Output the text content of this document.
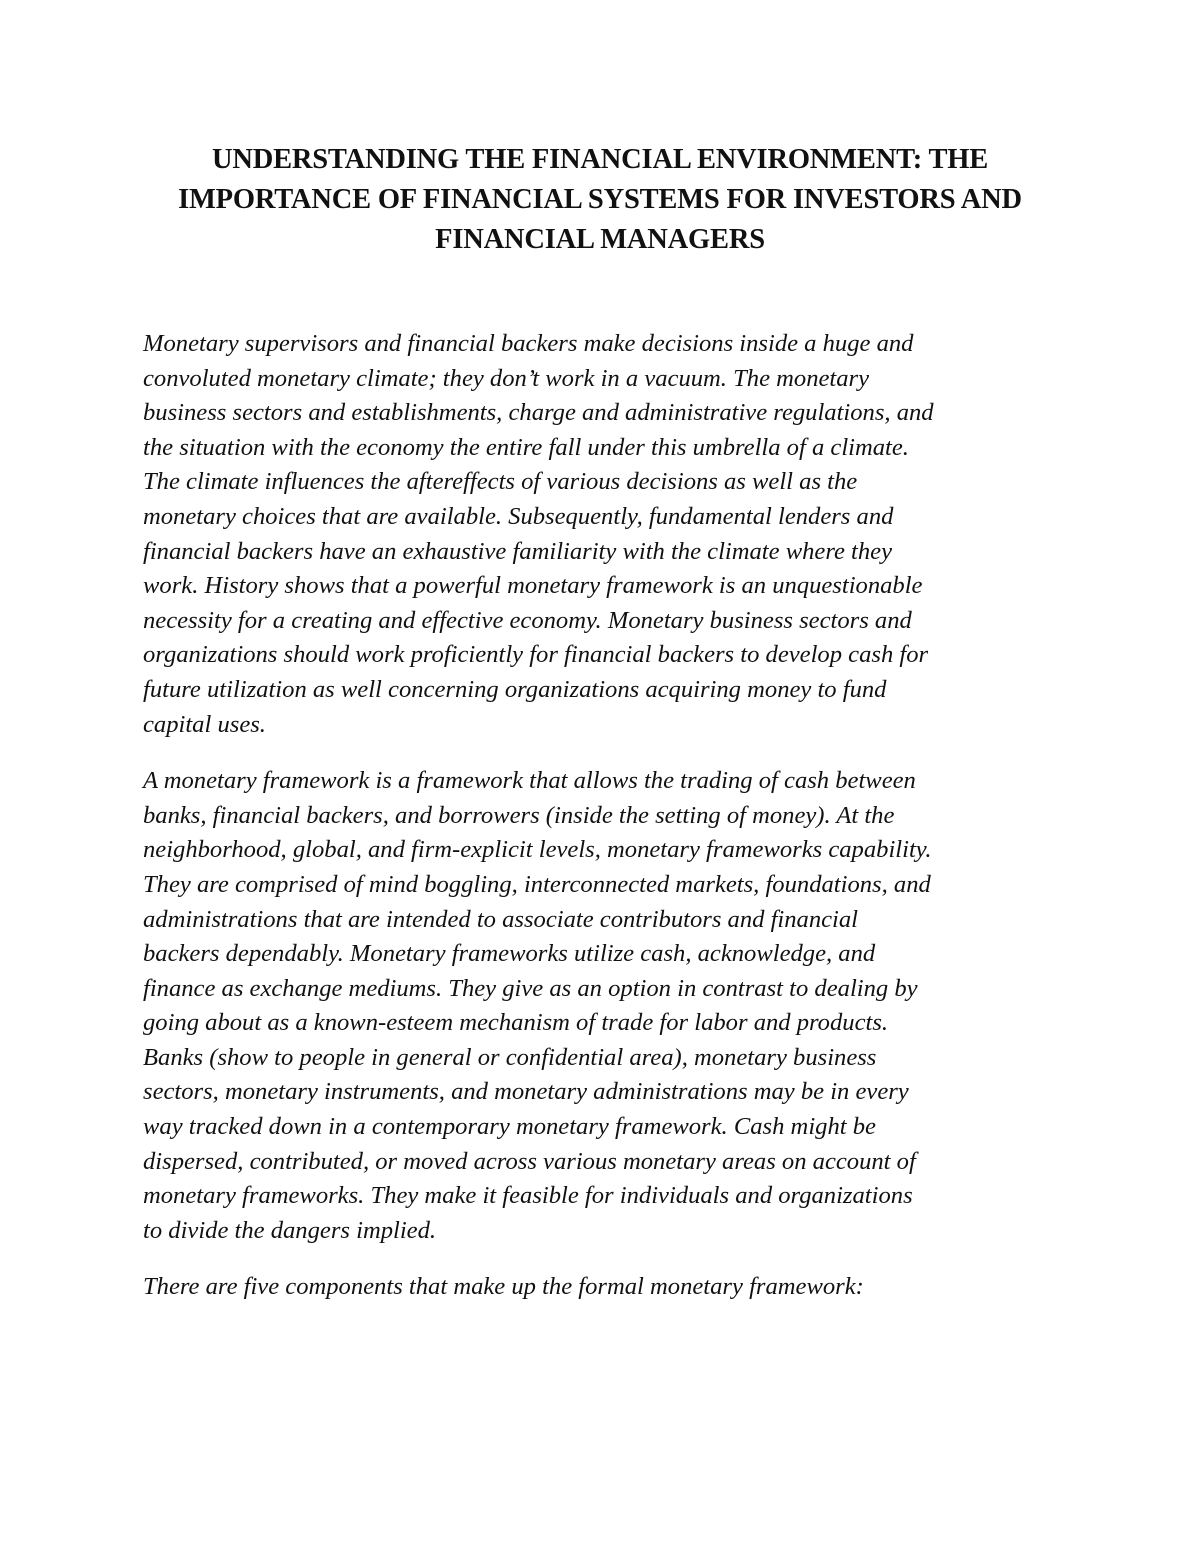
UNDERSTANDING THE FINANCIAL ENVIRONMENT: THE
IMPORTANCE OF FINANCIAL SYSTEMS FOR INVESTORS AND
FINANCIAL MANAGERS

Monetary supervisors and financial backers make decisions inside a huge and
convoluted monetary climate; they don’t work in a vacuum. The monetary
business sectors and establishments, charge and administrative regulations, and
the situation with the economy the entire fall under this umbrella of a climate.
The climate influences the aftereffects of various decisions as well as the
monetary choices that are available. Subsequently, fundamental lenders and
financial backers have an exhaustive familiarity with the climate where they
work. History shows that a powerful monetary framework is an unquestionable
necessity for a creating and effective economy. Monetary business sectors and
organizations should work proficiently for financial backers to develop cash for
future utilization as well concerning organizations acquiring money to fund
capital uses.

A monetary framework is a framework that allows the trading of cash between
banks, financial backers, and borrowers (inside the setting of money). At the
neighborhood, global, and firm-explicit levels, monetary frameworks capability.
They are comprised of mind boggling, interconnected markets, foundations, and
administrations that are intended to associate contributors and financial
backers dependably. Monetary frameworks utilize cash, acknowledge, and
finance as exchange mediums. They give as an option in contrast to dealing by
going about as a known-esteem mechanism of trade for labor and products.
Banks (show to people in general or confidential area), monetary business
sectors, monetary instruments, and monetary administrations may be in every
way tracked down in a contemporary monetary framework. Cash might be
dispersed, contributed, or moved across various monetary areas on account of
monetary frameworks. They make it feasible for individuals and organizations
to divide the dangers implied.

There are five components that make up the formal monetary framework:
